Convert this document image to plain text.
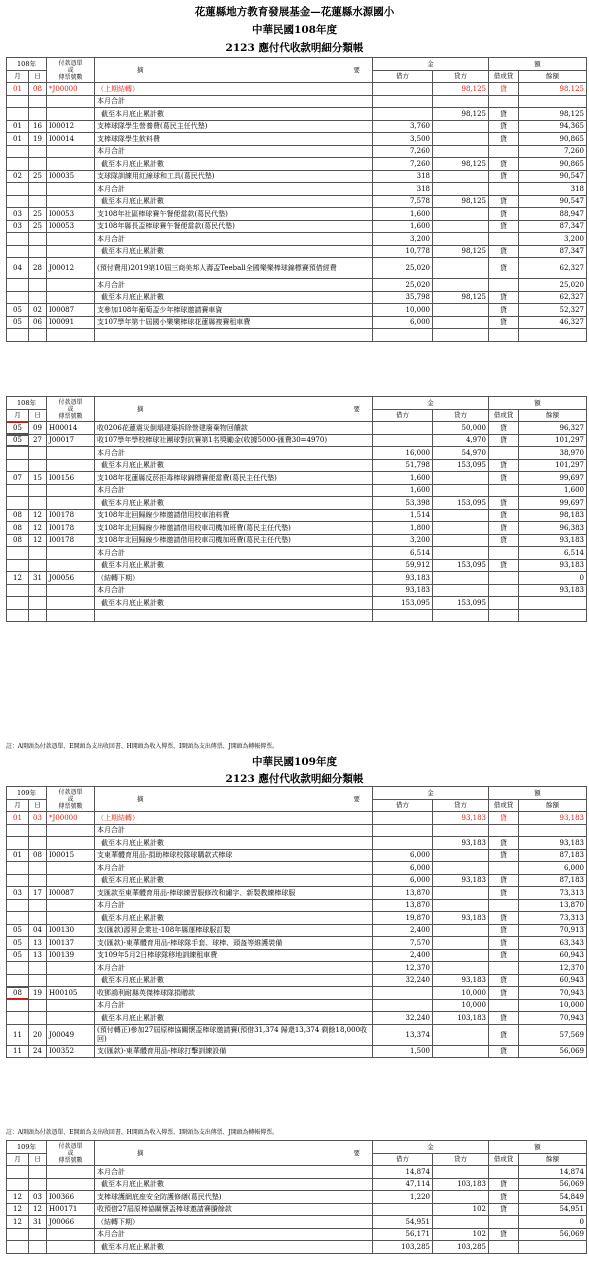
花蓮縣地方教育發展基金—花蓮縣水源國小
中華民國108年度
2123 應付代收款明細分類帳
108年		付款憑單
或
傳票號數	摘 要	金		額	
月	日			借方	貸方	借或貸	餘額
01	08	*J00000	（上期結轉）		98,125	貸	98,125
			本月合計				
			截至本月底止累計數		98,125	貸	98,125
01	16	I00012	支棒球隊學生營養費(葛民主任代墊)	3,760		貸	94,365
01	19	I00014	支棒球隊學生飲料費	3,500		貸	90,865
			本月合計	7,260			7,260
			截至本月底止累計數	7,260	98,125	貸	90,865
02	25	I00035	支球隊訓練用紅線球和工具(葛民代墊)	318		貸	90,547
			本月合計	318			318
			截至本月底止累計數	7,578	98,125	貸	90,547
03	25	I00053	支108年社區棒球賽午餐便當款(葛民代墊)	1,600		貸	88,947
03	25	I00053	支108年縣長盃棒球賽午餐便當款(葛民代墊)	1,600		貸	87,347
			本月合計	3,200			3,200
			截至本月底止累計數	10,778	98,125	貸	87,347
04	28	J00012	(預付費用)2019第10屆三商美邦人壽盃Teeball全國樂樂棒球錦標賽預借經費	25,020		貸	62,327
			本月合計	25,020			25,020
			截至本月底止累計數	35,798	98,125	貸	62,327
05	02	I00087	支參加108年葡萄盃少年棒球邀請賽車資	10,000		貸	52,327
05	06	I00091	支107學年第十屆國小樂樂棒球花蓮縣複賽租車費	6,000		貸	46,327

108年		付款憑單
或
傳票號數	摘 要	金		額	
月	日			借方	貸方	借或貸	餘額
05	09	H00014	收0206花蓮震災倒塌建築拆除營建廢棄物回饋款		50,000	貸	96,327
05	27	J00017	收107學年學校棒球社團球對抗賽第1名獎勵金(收據5000-匯費30=4970)		4,970	貸	101,297
			本月合計	16,000	54,970		38,970
			截至本月底止累計數	51,798	153,095	貸	101,297
07	15	I00156	支108年花蓮縣反菸拒毒棒球錦標賽便當費(葛民主任代墊)	1,600		貸	99,697
			本月合計	1,600			1,600
			截至本月底止累計數	53,398	153,095	貸	99,697
08	12	I00178	支108年北回歸線少棒邀請借用校車油料費	1,514		貸	98,183
08	12	I00178	支108年北回歸線少棒邀請借用校車司機加班費(葛民主任代墊)	1,800		貸	96,383
08	12	I00178	支108年北回歸線少棒邀請借用校車司機加班費(葛民主任代墊)	3,200		貸	93,183
			本月合計	6,514			6,514
			截至本月底止累計數	59,912	153,095	貸	93,183
12	31	J00056	（結轉下期）	93,183			0
			本月合計	93,183			93,183
			截至本月底止累計數	153,095	153,095		

註：A開頭為付款憑單、E開頭為支出收回書、H開頭為收入傳票、I開頭為支出傳票、J開頭為轉帳傳票。
中華民國109年度
2123 應付代收款明細分類帳
109年		付款憑單
或
傳票號數	摘 要	金		額	
月	日			借方	貸方	借或貸	餘額
01	03	*J00000	（上期結轉）		93,183	貸	93,183
			本月合計				
			截至本月底止累計數		93,183	貸	93,183
01	08	I00015	支東華體育用品-捐助棒球校隊球購款式棒球	6,000		貸	87,183
			本月合計	6,000			6,000
			截至本月底止累計數	6,000	93,183	貸	87,183
03	17	I00087	支匯款至東華體育用品-棒球練習服修改和繡字、新製教練棒球服	13,870		貸	73,313
			本月合計	13,870			13,870
			截至本月底止累計數	19,870	93,183	貸	73,313
05	04	I00130	支(匯款)源昇企業社-108年縣運棒球服訂製	2,400		貸	70,913
05	13	I00137	支(匯款)-東華體育用品-棒球隊手套、球棒、頭盔等維護裝備	7,570		貸	63,343
05	13	I00139	支109年5月2日棒球隊移地訓練租車費	2,400		貸	60,943
			本月合計	12,370			12,370
			截至本月底止累計數	32,240	93,183	貸	60,943
08	19	H00105	收鄧鴻利耐縣英傑棒球隊捐贈款		10,000	貸	70,943
			本月合計		10,000		10,000
			截至本月底止累計數	32,240	103,183	貸	70,943
11	20	J00049	(預付轉正)參加27屆原棒協關懷盃棒球邀請賽(預借31,374 歸還13,374 剩餘18,000收回)	13,374		貸	57,569
11	24	I00352	支(匯款)-東華體育用品-棒球打擊訓練設備	1,500		貸	56,069
註：A開頭為付款憑單、E開頭為支出收回書、H開頭為收入傳票、I開頭為支出傳票、J開頭為轉帳傳票。
109年		付款憑單
或
傳票號數	摘 要	金		額	
月	日			借方	貸方	借或貸	餘額
			本月合計	14,874			14,874
			截至本月底止累計數	47,114	103,183	貸	56,069
12	03	I00366	支棒球護網底座安全防護修繕(葛民代墊)	1,220		貸	54,849
12	12	H00171	收預借27屆原棒協關懷盃棒球邀請賽賸餘款		102	貸	54,951
12	31	J00066	（結轉下期）	54,951			0
			本月合計	56,171	102	貸	56,069
			截至本月底止累計數	103,285	103,285		
